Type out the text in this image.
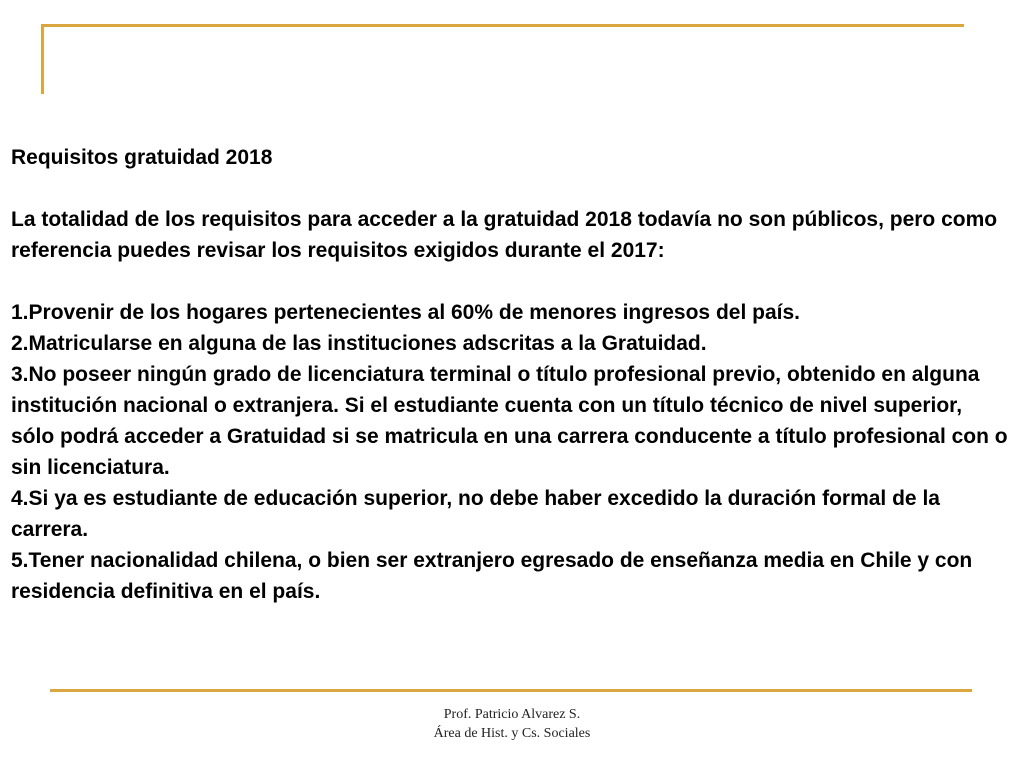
Requisitos gratuidad 2018

La totalidad de los requisitos para acceder a la gratuidad 2018 todavía no son públicos, pero como referencia puedes revisar los requisitos exigidos durante el 2017:

1.Provenir de los hogares pertenecientes al 60% de menores ingresos del país.

2.Matricularse en alguna de las instituciones adscritas a la Gratuidad.

3.No poseer ningún grado de licenciatura terminal o título profesional previo, obtenido en alguna institución nacional o extranjera. Si el estudiante cuenta con un título técnico de nivel superior, sólo podrá acceder a Gratuidad si se matricula en una carrera conducente a título profesional con o sin licenciatura.

4.Si ya es estudiante de educación superior, no debe haber excedido la duración formal de la carrera.

5.Tener nacionalidad chilena, o bien ser extranjero egresado de enseñanza media en Chile y con residencia definitiva en el país.

Prof. Patricio Alvarez S.
Área de Hist. y Cs. Sociales
